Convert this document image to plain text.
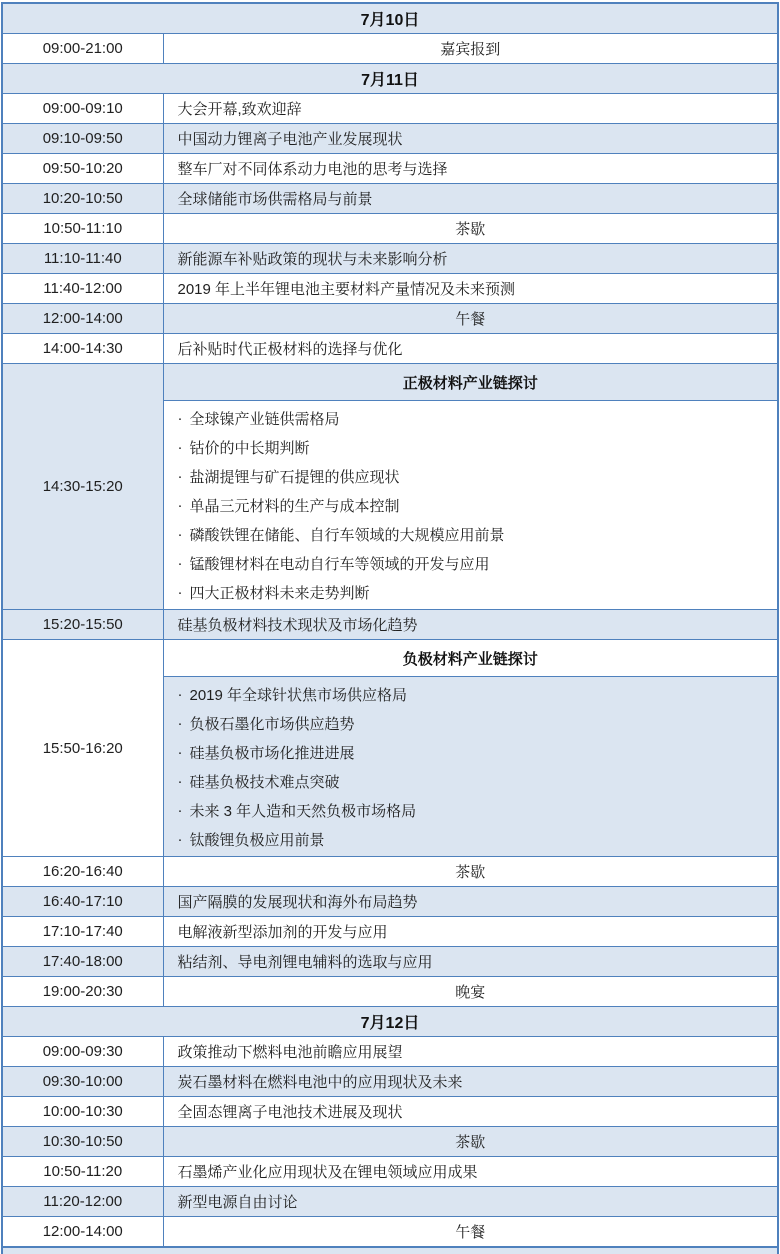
7月10日	
09:00-21:00	嘉宾报到
7月11日	
09:00-09:10	大会开幕,致欢迎辞
09:10-09:50	中国动力锂离子电池产业发展现状
09:50-10:20	整车厂对不同体系动力电池的思考与选择
10:20-10:50	全球储能市场供需格局与前景
10:50-11:10	茶歇
11:10-11:40	新能源车补贴政策的现状与未来影响分析
11:40-12:00	2019 年上半年锂电池主要材料产量情况及未来预测
12:00-14:00	午餐
14:00-14:30	后补贴时代正极材料的选择与优化
14:30-15:20	正极材料产业链探讨

· 全球镍产业链供需格局
· 钴价的中长期判断
· 盐湖提锂与矿石提锂的供应现状
· 单晶三元材料的生产与成本控制
· 磷酸铁锂在储能、自行车领域的大规模应用前景
· 锰酸锂材料在电动自行车等领域的开发与应用
· 四大正极材料未来走势判断

15:20-15:50	硅基负极材料技术现状及市场化趋势
15:50-16:20	负极材料产业链探讨

· 2019 年全球针状焦市场供应格局
· 负极石墨化市场供应趋势
· 硅基负极市场化推进进展
· 硅基负极技术难点突破
· 未来 3 年人造和天然负极市场格局
· 钛酸锂负极应用前景

16:20-16:40	茶歇
16:40-17:10	国产隔膜的发展现状和海外布局趋势
17:10-17:40	电解液新型添加剂的开发与应用
17:40-18:00	粘结剂、导电剂锂电辅料的选取与应用
19:00-20:30	晚宴
7月12日	
09:00-09:30	政策推动下燃料电池前瞻应用展望
09:30-10:00	炭石墨材料在燃料电池中的应用现状及未来
10:00-10:30	全固态锂离子电池技术进展及现状
10:30-10:50	茶歇
10:50-11:20	石墨烯产业化应用现状及在锂电领域应用成果
11:20-12:00	新型电源自由讨论
12:00-14:00	午餐
